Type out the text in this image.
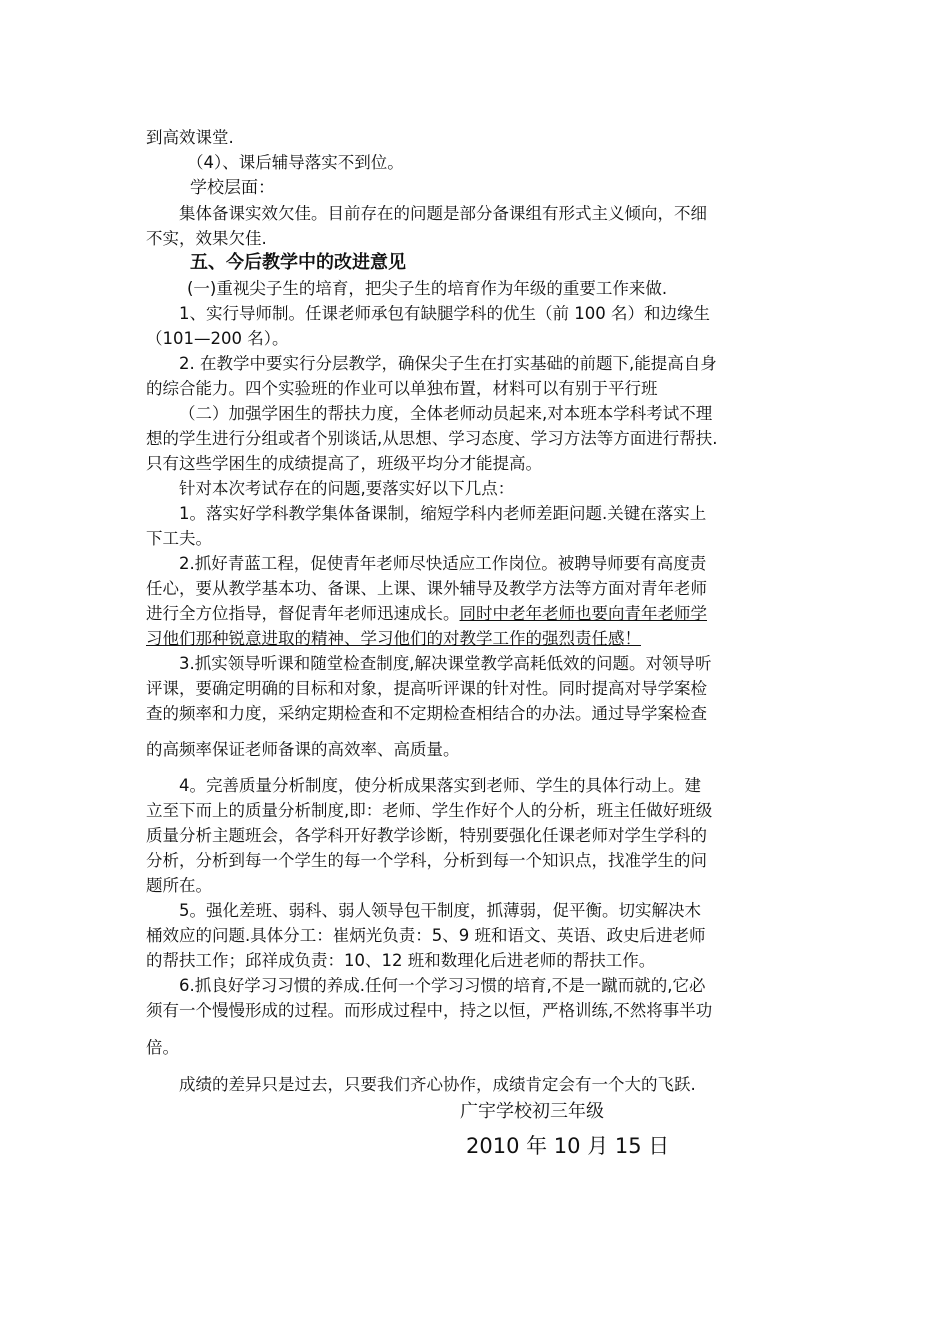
到高效课堂.

（4）、课后辅导落实不到位。

学校层面：

集体备课实效欠佳。目前存在的问题是部分备课组有形式主义倾向，不细

不实，效果欠佳.

五、今后教学中的改进意见

(一)重视尖子生的培育，把尖子生的培育作为年级的重要工作来做.

1、实行导师制。任课老师承包有缺腿学科的优生（前 100 名）和边缘生

（101—200 名）。

2. 在教学中要实行分层教学，确保尖子生在打实基础的前题下,能提高自身

的综合能力。四个实验班的作业可以单独布置，材料可以有别于平行班

（二）加强学困生的帮扶力度，全体老师动员起来,对本班本学科考试不理

想的学生进行分组或者个别谈话,从思想、学习态度、学习方法等方面进行帮扶.

只有这些学困生的成绩提高了，班级平均分才能提高。

针对本次考试存在的问题,要落实好以下几点：

1。落实好学科教学集体备课制，缩短学科内老师差距问题.关键在落实上

下工夫。

2.抓好青蓝工程，促使青年老师尽快适应工作岗位。被聘导师要有高度责

任心，要从教学基本功、备课、上课、课外辅导及教学方法等方面对青年老师

进行全方位指导，督促青年老师迅速成长。同时中老年老师也要向青年老师学

习他们那种锐意进取的精神、学习他们的对教学工作的强烈责任感！

3.抓实领导听课和随堂检查制度,解决课堂教学高耗低效的问题。对领导听

评课，要确定明确的目标和对象，提高听评课的针对性。同时提高对导学案检

查的频率和力度，采纳定期检查和不定期检查相结合的办法。通过导学案检查

的高频率保证老师备课的高效率、高质量。

4。完善质量分析制度，使分析成果落实到老师、学生的具体行动上。建

立至下而上的质量分析制度,即：老师、学生作好个人的分析，班主任做好班级

质量分析主题班会，各学科开好教学诊断，特别要强化任课老师对学生学科的

分析，分析到每一个学生的每一个学科，分析到每一个知识点，找准学生的问

题所在。

5。强化差班、弱科、弱人领导包干制度，抓薄弱，促平衡。切实解决木

桶效应的问题.具体分工：崔炳光负责：5、9 班和语文、英语、政史后进老师

的帮扶工作；邱祥成负责：10、12 班和数理化后进老师的帮扶工作。

6.抓良好学习习惯的养成.任何一个学习习惯的培育,不是一蹴而就的,它必

须有一个慢慢形成的过程。而形成过程中，持之以恒，严格训练,不然将事半功

倍。

成绩的差异只是过去，只要我们齐心协作，成绩肯定会有一个大的飞跃.

广宇学校初三年级
2010 年 10 月 15 日
